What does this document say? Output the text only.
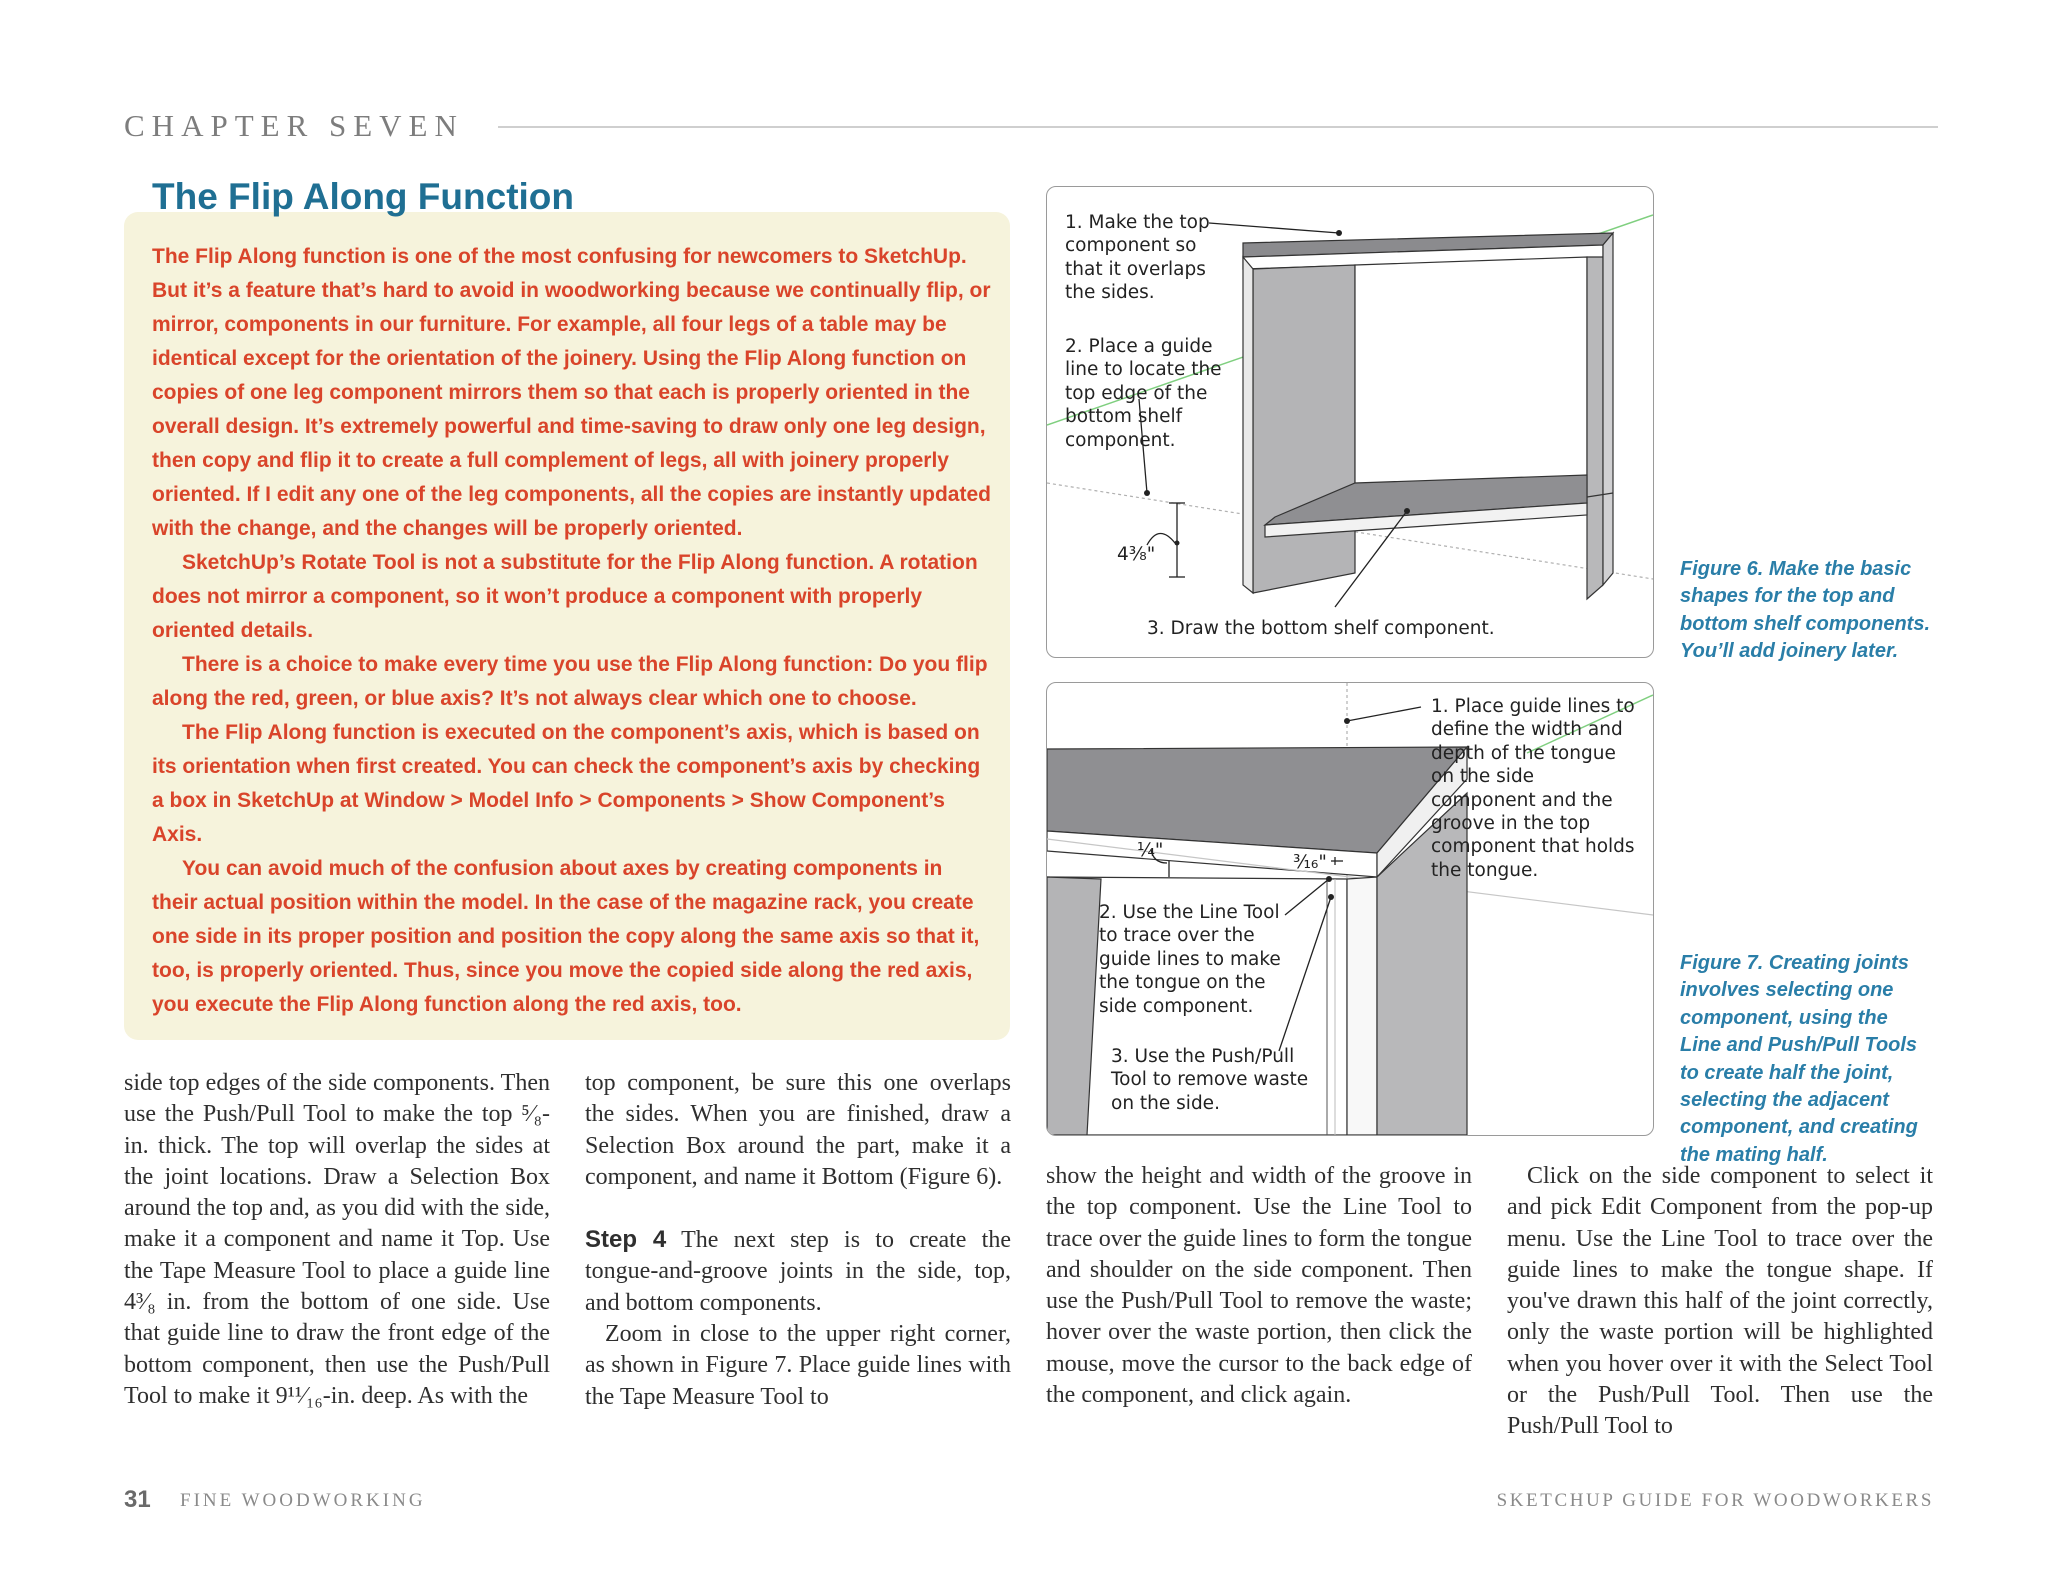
CHAPTER SEVEN
The Flip Along Function

The Flip Along function is one of the most confusing for newcomers to SketchUp. But it’s a feature that’s hard to avoid in woodworking because we continually flip, or mirror, components in our furniture. For example, all four legs of a table may be identical except for the orientation of the joinery. Using the Flip Along function on copies of one leg component mirrors them so that each is properly oriented in the overall design. It’s extremely powerful and time-saving to draw only one leg design, then copy and flip it to create a full complement of legs, all with joinery properly oriented. If I edit any one of the leg components, all the copies are instantly updated with the change, and the changes will be properly oriented.

SketchUp’s Rotate Tool is not a substitute for the Flip Along function. A rotation does not mirror a component, so it won’t produce a component with properly oriented details.

There is a choice to make every time you use the Flip Along function: Do you flip along the red, green, or blue axis? It’s not always clear which one to choose.

The Flip Along function is executed on the component’s axis, which is based on its orientation when first created. You can check the component’s axis by checking a box in SketchUp at Window > Model Info > Components > Show Component’s Axis.

You can avoid much of the confusion about axes by creating components in their actual position within the model. In the case of the magazine rack, you create one side in its proper position and position the copy along the same axis so that it, too, is properly oriented. Thus, since you move the copied side along the red axis, you execute the Flip Along function along the red axis, too.

1. Make the top component so that it overlaps the sides.
2. Place a guide line to locate the top edge of the bottom shelf component.
3. Draw the bottom shelf component.
4³⁄₈"
Figure 6. Make the basic shapes for the top and bottom shelf components. You’ll add joinery later.
1. Place guide lines to define the width and depth of the tongue on the side component and the groove in the top component that holds the tongue.
2. Use the Line Tool to trace over the guide lines to make the tongue on the side component.
3. Use the Push/Pull Tool to remove waste on the side.
¹⁄₄"
³⁄₁₆"
Figure 7. Creating joints involves selecting one component, using the Line and Push/Pull Tools to create half the joint, selecting the adjacent component, and creating the mating half.

side top edges of the side components. Then use the Push/Pull Tool to make the top ⁵⁄₈-in. thick. The top will overlap the sides at the joint locations. Draw a Selection Box around the top and, as you did with the side, make it a component and name it Top. Use the Tape Measure Tool to place a guide line 4³⁄₈ in. from the bottom of one side. Use that guide line to draw the front edge of the bottom component, then use the Push/Pull Tool to make it 9¹¹⁄₁₆-in. deep. As with the

top component, be sure this one overlaps the sides. When you are finished, draw a Selection Box around the part, make it a component, and name it Bottom (Figure 6).

Step 4 The next step is to create the tongue-and-groove joints in the side, top, and bottom components.

Zoom in close to the upper right corner, as shown in Figure 7. Place guide lines with the Tape Measure Tool to

show the height and width of the groove in the top component. Use the Line Tool to trace over the guide lines to form the tongue and shoulder on the side component. Then use the Push/Pull Tool to remove the waste; hover over the waste portion, then click the mouse, move the cursor to the back edge of the component, and click again.

Click on the side component to select it and pick Edit Component from the pop-up menu. Use the Line Tool to trace over the guide lines to make the tongue shape. If you've drawn this half of the joint correctly, only the waste portion will be highlighted when you hover over it with the Select Tool or the Push/Pull Tool. Then use the Push/Pull Tool to

31 FINE WOODWORKING	SKETCHUP GUIDE FOR WOODWORKERS
